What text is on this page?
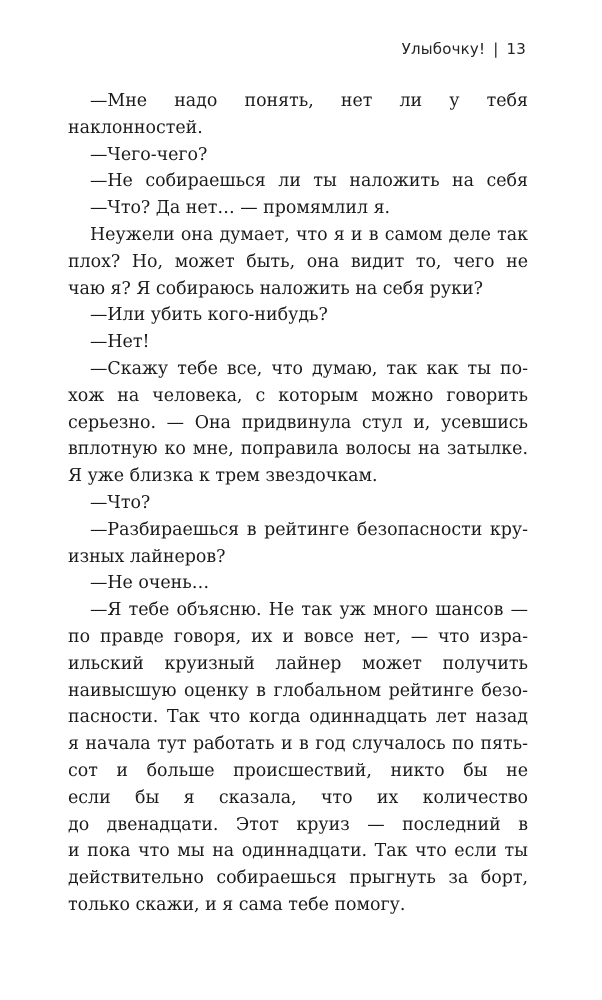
Улыбочку! | 13
—Мне надо понять, нет ли у тебя
наклонностей.
—Чего-чего?
—Не собираешься ли ты наложить на себя
—Что? Да нет… — промямлил я.
Неужели она думает, что я и в самом деле так
плох? Но, может быть, она видит то, чего не
чаю я? Я собираюсь наложить на себя руки?
—Или убить кого-нибудь?
—Нет!
—Скажу тебе все, что думаю, так как ты по-
хож на человека, с которым можно говорить
серьезно. — Она придвинула стул и, усевшись
вплотную ко мне, поправила волосы на затылке.
Я уже близка к трем звездочкам.
—Что?
—Разбираешься в рейтинге безопасности кру-
изных лайнеров?
—Не очень…
—Я тебе объясню. Не так уж много шансов —
по правде говоря, их и вовсе нет, — что изра-
ильский круизный лайнер может получить
наивысшую оценку в глобальном рейтинге безо-
пасности. Так что когда одиннадцать лет назад
я начала тут работать и в год случалось по пять-
сот и больше происшествий, никто бы не
если бы я сказала, что их количество
до двенадцати. Этот круиз — последний в
и пока что мы на одиннадцати. Так что если ты
действительно собираешься прыгнуть за борт,
только скажи, и я сама тебе помогу.
